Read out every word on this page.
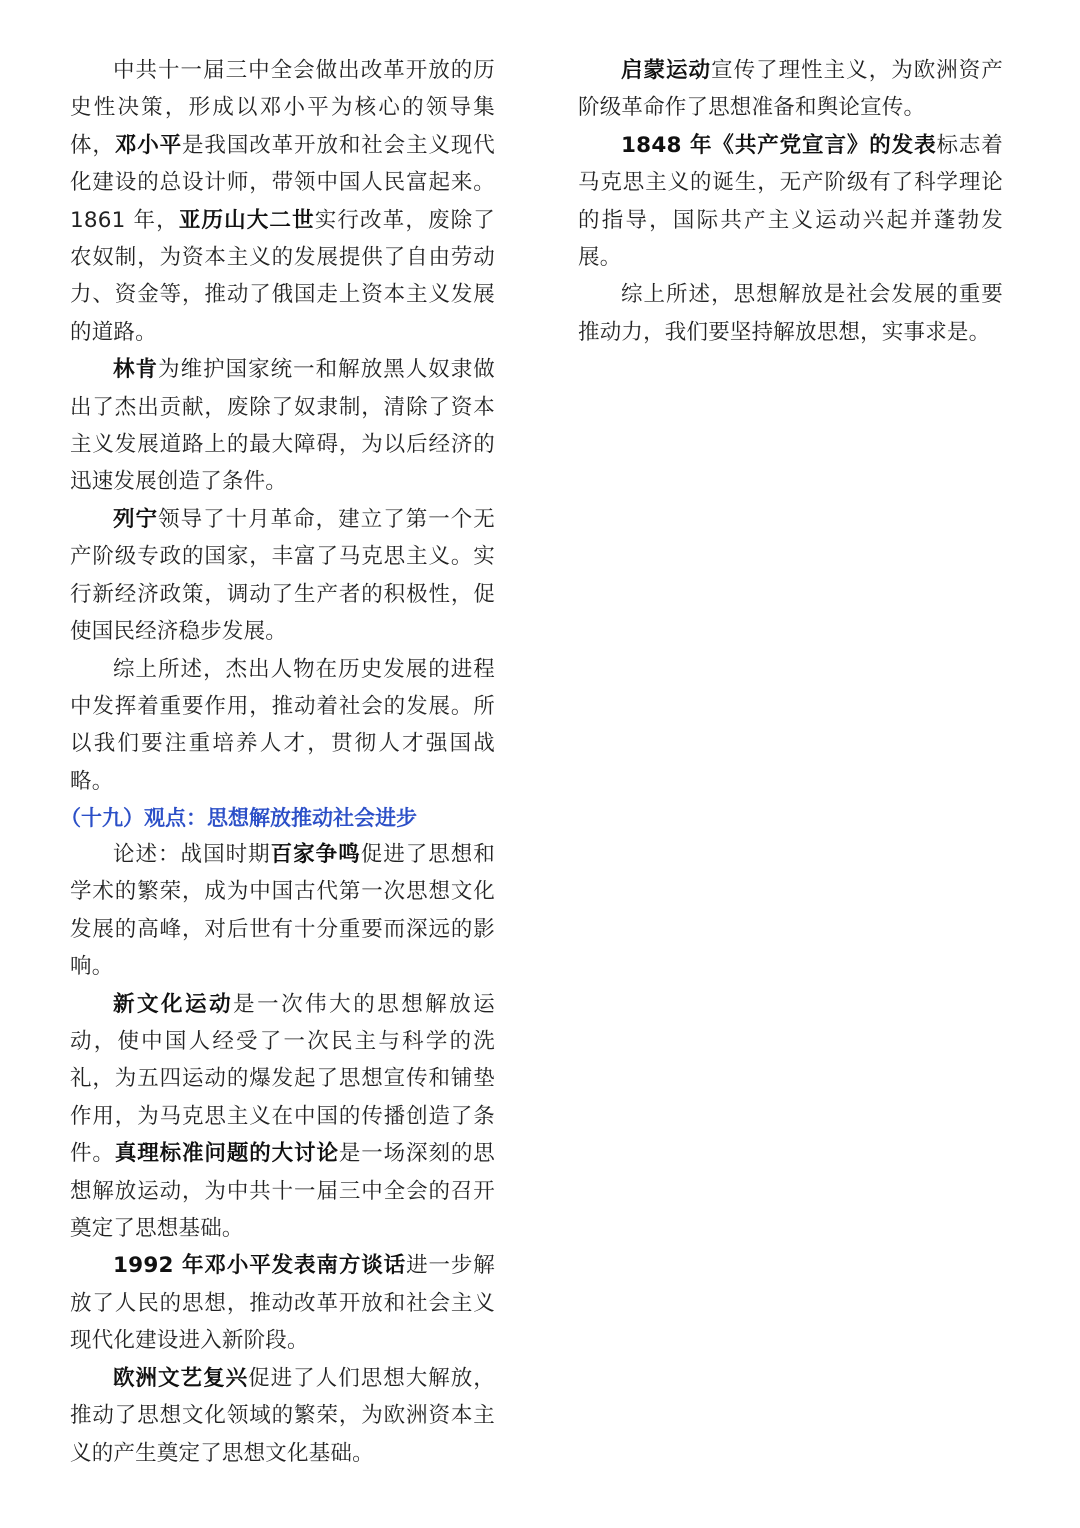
中共十一届三中全会做出改革开放的历史性决策，形成以邓小平为核心的领导集体，邓小平是我国改革开放和社会主义现代化建设的总设计师，带领中国人民富起来。1861 年，亚历山大二世实行改革，废除了农奴制，为资本主义的发展提供了自由劳动力、资金等，推动了俄国走上资本主义发展的道路。

林肯为维护国家统一和解放黑人奴隶做出了杰出贡献，废除了奴隶制，清除了资本主义发展道路上的最大障碍，为以后经济的迅速发展创造了条件。

列宁领导了十月革命，建立了第一个无产阶级专政的国家，丰富了马克思主义。实行新经济政策，调动了生产者的积极性，促使国民经济稳步发展。

综上所述，杰出人物在历史发展的进程中发挥着重要作用，推动着社会的发展。所以我们要注重培养人才，贯彻人才强国战略。

（十九）观点：思想解放推动社会进步

论述：战国时期百家争鸣促进了思想和学术的繁荣，成为中国古代第一次思想文化发展的高峰，对后世有十分重要而深远的影响。

新文化运动是一次伟大的思想解放运动，使中国人经受了一次民主与科学的洗礼，为五四运动的爆发起了思想宣传和铺垫作用，为马克思主义在中国的传播创造了条件。真理标准问题的大讨论是一场深刻的思想解放运动，为中共十一届三中全会的召开奠定了思想基础。

1992 年邓小平发表南方谈话进一步解放了人民的思想，推动改革开放和社会主义现代化建设进入新阶段。

欧洲文艺复兴促进了人们思想大解放，推动了思想文化领域的繁荣，为欧洲资本主义的产生奠定了思想文化基础。

启蒙运动宣传了理性主义，为欧洲资产阶级革命作了思想准备和舆论宣传。

1848 年《共产党宣言》的发表标志着马克思主义的诞生，无产阶级有了科学理论的指导，国际共产主义运动兴起并蓬勃发展。

综上所述，思想解放是社会发展的重要推动力，我们要坚持解放思想，实事求是。
